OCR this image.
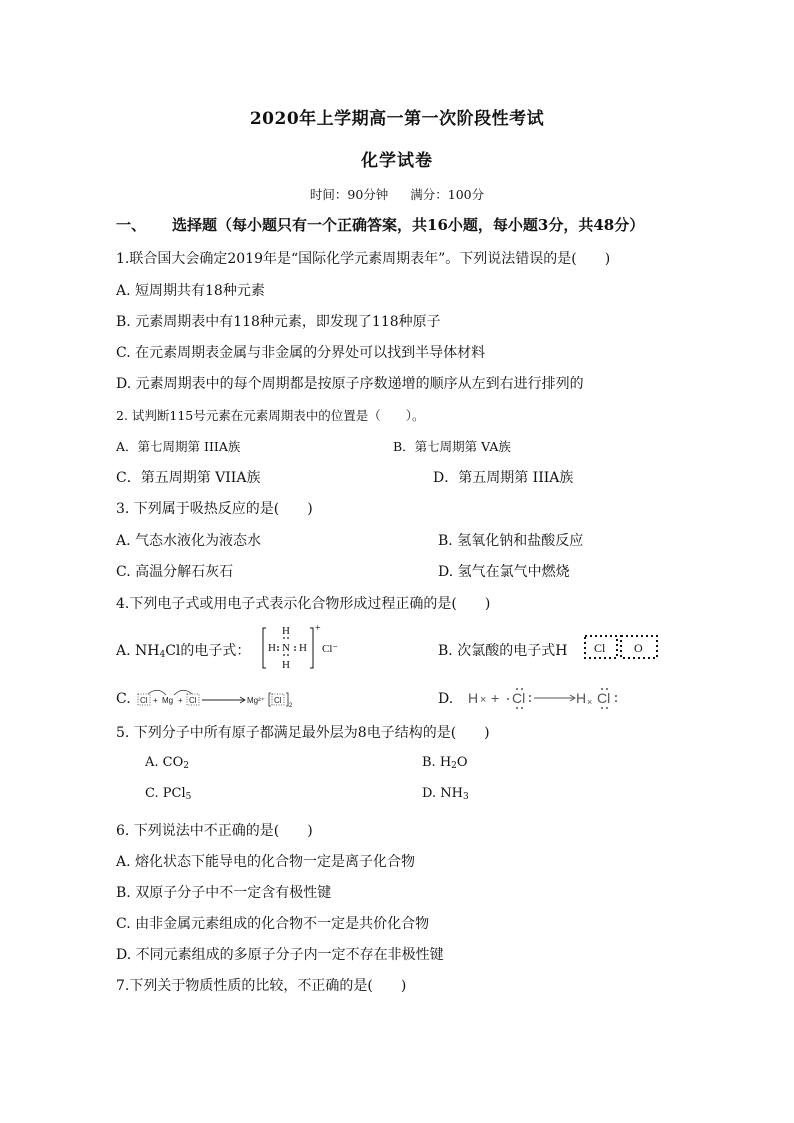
2020年上学期高一第一次阶段性考试
化学试卷
时间：90分钟 满分：100分
一、 选择题（每小题只有一个正确答案，共16小题，每小题3分，共48分）
1.联合国大会确定2019年是“国际化学元素周期表年”。下列说法错误的是(　　)
A. 短周期共有18种元素
B. 元素周期表中有118种元素，即发现了118种原子
C. 在元素周期表金属与非金属的分界处可以找到半导体材料
D. 元素周期表中的每个周期都是按原子序数递增的顺序从左到右进行排列的
2. 试判断115号元素在元素周期表中的位置是（　　）。
A．第七周期第 IIIA族	B．第七周期第 VA族
C．第五周期第 VIIA族	D．第五周期第 IIIA族
3. 下列属于吸热反应的是(　　)
A. 气态水液化为液态水	B. 氢氧化钠和盐酸反应
C. 高温分解石灰石	D. 氢气在氯气中燃烧
4.下列电子式或用电子式表示化合物形成过程正确的是(　　)
A. $NH_4Cl$的电子式：
H
H N H
H
+
Cl⁻	B. 次氯酸的电子式H Cl O
C. Cl + Mg + Cl	Mg²⁺ Cl
2	D. H × + Cl	H × Cl
5. 下列分子中所有原子都满足最外层为8电子结构的是(　　)
A. $CO_2$	B. $H_2O$
C. PCl$_5$	D. $NH_3$
6. 下列说法中不正确的是(　　)
A. 熔化状态下能导电的化合物一定是离子化合物
B. 双原子分子中不一定含有极性键
C. 由非金属元素组成的化合物不一定是共价化合物
D. 不同元素组成的多原子分子内一定不存在非极性键
7.下列关于物质性质的比较，不正确的是(　　)
